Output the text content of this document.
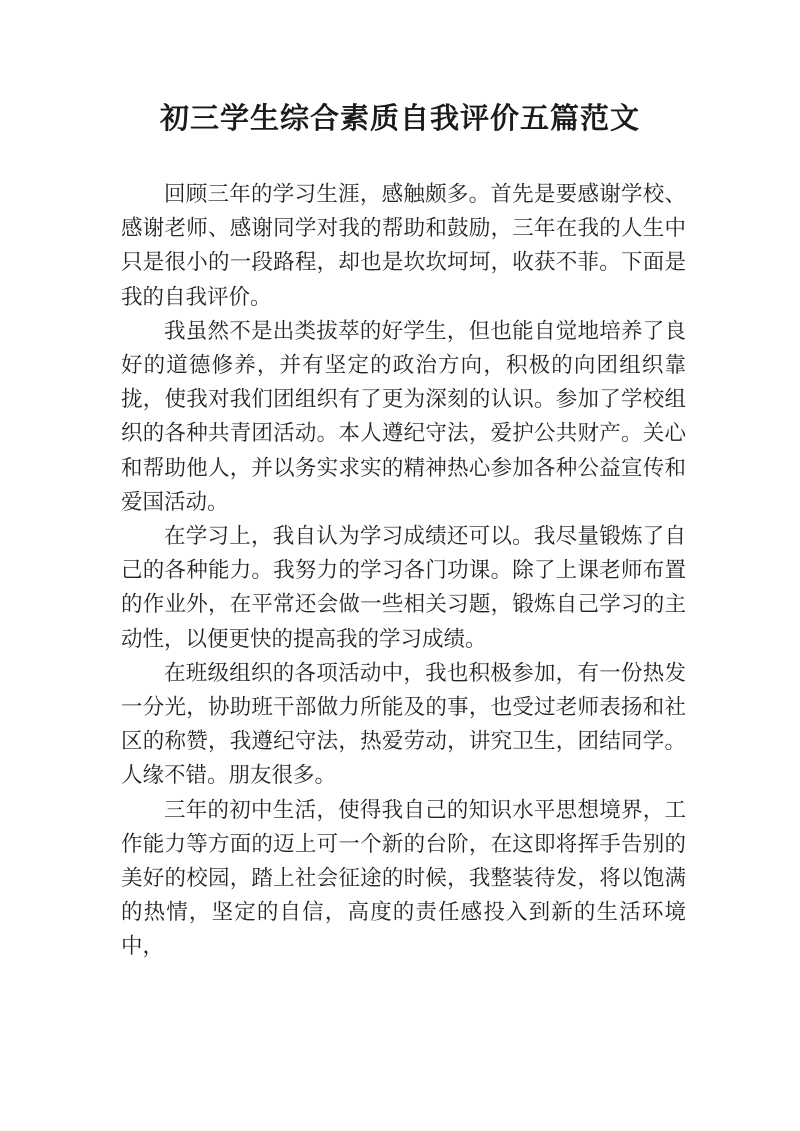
初三学生综合素质自我评价五篇范文

回顾三年的学习生涯，感触颇多。首先是要感谢学校、感谢老师、感谢同学对我的帮助和鼓励，三年在我的人生中只是很小的一段路程，却也是坎坎坷坷，收获不菲。下面是我的自我评价。

我虽然不是出类拔萃的好学生，但也能自觉地培养了良好的道德修养，并有坚定的政治方向，积极的向团组织靠拢，使我对我们团组织有了更为深刻的认识。参加了学校组织的各种共青团活动。本人遵纪守法，爱护公共财产。关心和帮助他人，并以务实求实的精神热心参加各种公益宣传和爱国活动。

在学习上，我自认为学习成绩还可以。我尽量锻炼了自己的各种能力。我努力的学习各门功课。除了上课老师布置的作业外，在平常还会做一些相关习题，锻炼自己学习的主动性，以便更快的提高我的学习成绩。

在班级组织的各项活动中，我也积极参加，有一份热发一分光，协助班干部做力所能及的事，也受过老师表扬和社区的称赞，我遵纪守法，热爱劳动，讲究卫生，团结同学。人缘不错。朋友很多。

三年的初中生活，使得我自己的知识水平思想境界，工作能力等方面的迈上可一个新的台阶，在这即将挥手告别的美好的校园，踏上社会征途的时候，我整装待发，将以饱满的热情，坚定的自信，高度的责任感投入到新的生活环境中，
